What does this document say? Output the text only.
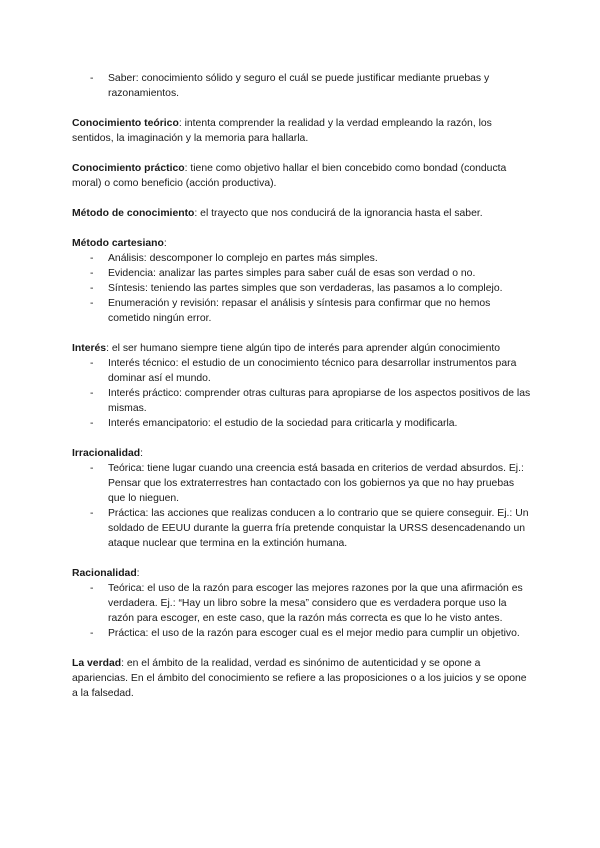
- Saber: conocimiento sólido y seguro el cuál se puede justificar mediante pruebas y razonamientos.

Conocimiento teórico: intenta comprender la realidad y la verdad empleando la razón, los sentidos, la imaginación y la memoria para hallarla.

Conocimiento práctico: tiene como objetivo hallar el bien concebido como bondad (conducta moral) o como beneficio (acción productiva).

Método de conocimiento: el trayecto que nos conducirá de la ignorancia hasta el saber.

Método cartesiano:

- Análisis: descomponer lo complejo en partes más simples.
- Evidencia: analizar las partes simples para saber cuál de esas son verdad o no.
- Síntesis: teniendo las partes simples que son verdaderas, las pasamos a lo complejo.
- Enumeración y revisión: repasar el análisis y síntesis para confirmar que no hemos cometido ningún error.

Interés: el ser humano siempre tiene algún tipo de interés para aprender algún conocimiento

- Interés técnico: el estudio de un conocimiento técnico para desarrollar instrumentos para dominar así el mundo.
- Interés práctico: comprender otras culturas para apropiarse de los aspectos positivos de las mismas.
- Interés emancipatorio: el estudio de la sociedad para criticarla y modificarla.

Irracionalidad:

- Teórica: tiene lugar cuando una creencia está basada en criterios de verdad absurdos. Ej.: Pensar que los extraterrestres han contactado con los gobiernos ya que no hay pruebas que lo nieguen.
- Práctica: las acciones que realizas conducen a lo contrario que se quiere conseguir. Ej.: Un soldado de EEUU durante la guerra fría pretende conquistar la URSS desencadenando un ataque nuclear que termina en la extinción humana.

Racionalidad:

- Teórica: el uso de la razón para escoger las mejores razones por la que una afirmación es verdadera. Ej.: “Hay un libro sobre la mesa” considero que es verdadera porque uso la razón para escoger, en este caso, que la razón más correcta es que lo he visto antes.
- Práctica: el uso de la razón para escoger cual es el mejor medio para cumplir un objetivo.

La verdad: en el ámbito de la realidad, verdad es sinónimo de autenticidad y se opone a apariencias. En el ámbito del conocimiento se refiere a las proposiciones o a los juicios y se opone a la falsedad.
